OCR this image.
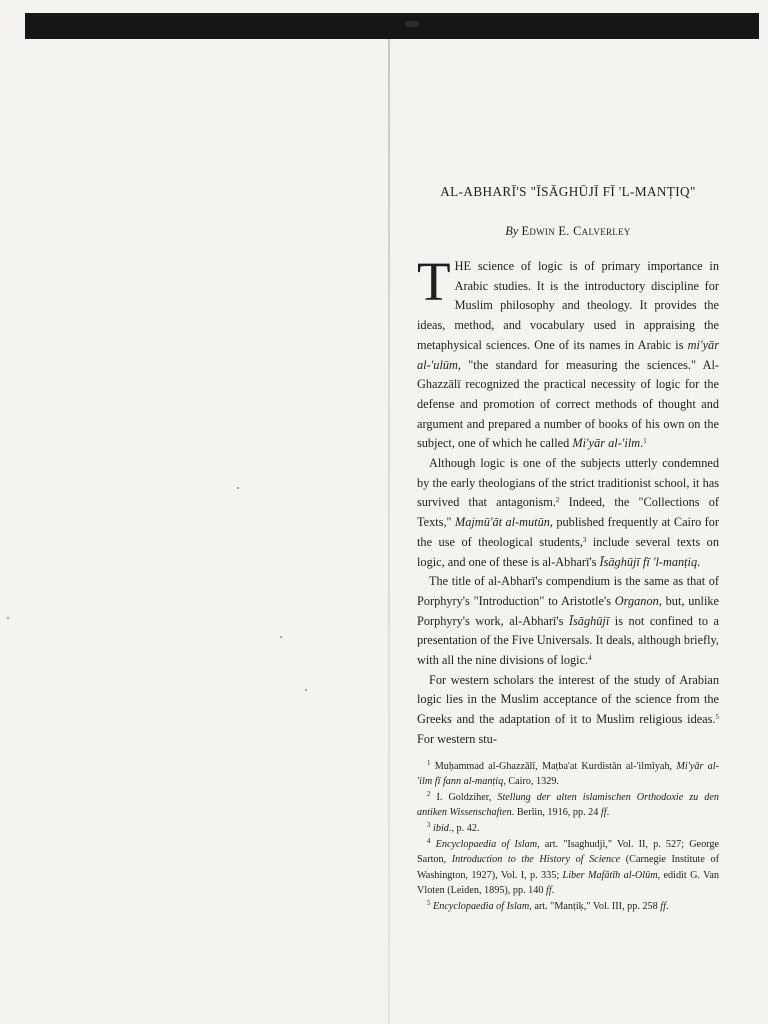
AL-ABHARĪ'S "ĪSĀGHŪJĪ FĪ 'L-MANṬIQ"
By Edwin E. Calverley

THE science of logic is of primary importance in Arabic studies. It is the introductory discipline for Muslim philosophy and theology. It provides the ideas, method, and vocabulary used in appraising the metaphysical sciences. One of its names in Arabic is mi'yār al-'ulūm, "the standard for measuring the sciences." Al-Ghazzālī recognized the practical necessity of logic for the defense and promotion of correct methods of thought and argument and prepared a number of books of his own on the subject, one of which he called Mi'yār al-'ilm.$^1$

Although logic is one of the subjects utterly condemned by the early theologians of the strict traditionist school, it has survived that antagonism.$^2$ Indeed, the "Collections of Texts," Majmū'āt al-mutūn, published frequently at Cairo for the use of theological students,$^3$ include several texts on logic, and one of these is al-Abharī's Īsāghūjī fī 'l-manṭiq.

The title of al-Abharī's compendium is the same as that of Porphyry's "Introduction" to Aristotle's Organon, but, unlike Porphyry's work, al-Abharī's Īsāghūjī is not confined to a presentation of the Five Universals. It deals, although briefly, with all the nine divisions of logic.$^4$

For western scholars the interest of the study of Arabian logic lies in the Muslim acceptance of the science from the Greeks and the adaptation of it to Muslim religious ideas.$^5$ For western stu-

$^1$ Muḥammad al-Ghazzālī, Maṭba'at Kurdistān al-'ilmīyah, Mi'yār al-'ilm fī fann al-manṭiq, Cairo, 1329.

$^2$ I. Goldziher, Stellung der alten islamischen Orthodoxie zu den antiken Wissenschaften. Berlin, 1916, pp. 24 ff.

$^3$ ibid., p. 42.

$^4$ Encyclopaedia of Islam, art. "Isaghudji," Vol. II, p. 527; George Sarton, Introduction to the History of Science (Carnegie Institute of Washington, 1927), Vol. I, p. 335; Liber Mafātīh al-Olūm, edidit G. Van Vloten (Leiden, 1895), pp. 140 ff.

$^5$ Encyclopaedia of Islam, art. "Manṭiḳ," Vol. III, pp. 258 ff.
